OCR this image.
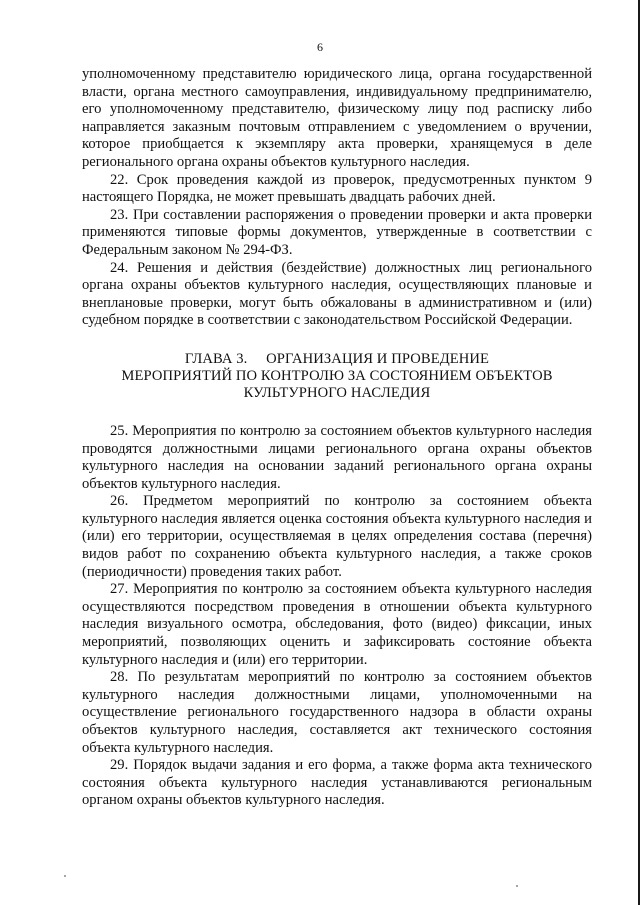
6

уполномоченному представителю юридического лица, органа государственной власти, органа местного самоуправления, индивидуальному предпринимателю, его уполномоченному представителю, физическому лицу под расписку либо направляется заказным почтовым отправлением с уведомлением о вручении, которое приобщается к экземпляру акта проверки, хранящемуся в деле регионального органа охраны объектов культурного наследия.

22. Срок проведения каждой из проверок, предусмотренных пунктом 9 настоящего Порядка, не может превышать двадцать рабочих дней.

23. При составлении распоряжения о проведении проверки и акта проверки применяются типовые формы документов, утвержденные в соответствии с Федеральным законом № 294-ФЗ.

24. Решения и действия (бездействие) должностных лиц регионального органа охраны объектов культурного наследия, осуществляющих плановые и внеплановые проверки, могут быть обжалованы в административном и (или) судебном порядке в соответствии с законодательством Российской Федерации.

ГЛАВА 3.     ОРГАНИЗАЦИЯ И ПРОВЕДЕНИЕ
МЕРОПРИЯТИЙ ПО КОНТРОЛЮ ЗА СОСТОЯНИЕМ ОБЪЕКТОВ
КУЛЬТУРНОГО НАСЛЕДИЯ

25. Мероприятия по контролю за состоянием объектов культурного наследия проводятся должностными лицами регионального органа охраны объектов культурного наследия на основании заданий регионального органа охраны объектов культурного наследия.

26. Предметом мероприятий по контролю за состоянием объекта культурного наследия является оценка состояния объекта культурного наследия и (или) его территории, осуществляемая в целях определения состава (перечня) видов работ по сохранению объекта культурного наследия, а также сроков (периодичности) проведения таких работ.

27. Мероприятия по контролю за состоянием объекта культурного наследия осуществляются посредством проведения в отношении объекта культурного наследия визуального осмотра, обследования, фото (видео) фиксации, иных мероприятий, позволяющих оценить и зафиксировать состояние объекта культурного наследия и (или) его территории.

28. По результатам мероприятий по контролю за состоянием объектов культурного наследия должностными лицами, уполномоченными на осуществление регионального государственного надзора в области охраны объектов культурного наследия, составляется акт технического состояния объекта культурного наследия.

29. Порядок выдачи задания и его форма, а также форма акта технического состояния объекта культурного наследия устанавливаются региональным органом охраны объектов культурного наследия.
